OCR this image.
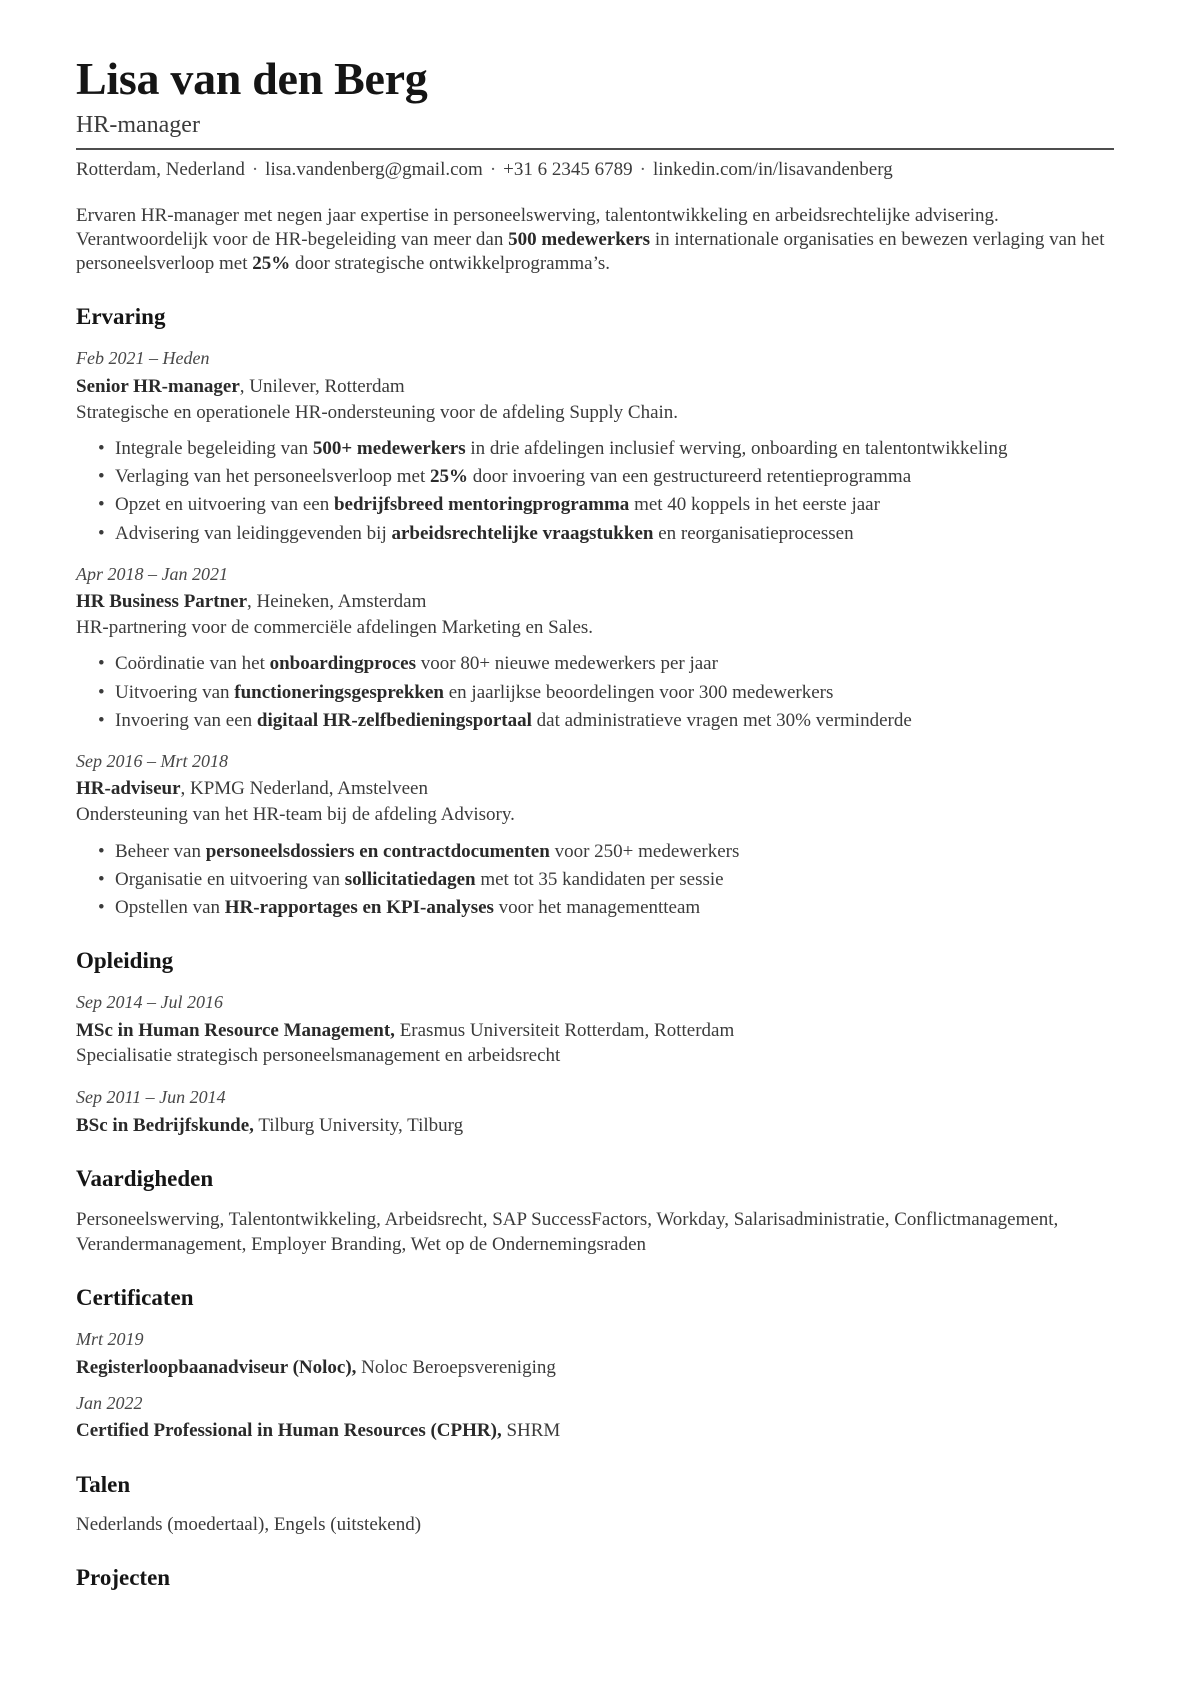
Lisa van den Berg

HR-manager

Rotterdam, Nederland · lisa.vandenberg@gmail.com · +31 6 2345 6789 · linkedin.com/in/lisavandenberg

Ervaren HR-manager met negen jaar expertise in personeelswerving, talentontwikkeling en arbeidsrechtelijke advisering. Verantwoordelijk voor de HR-begeleiding van meer dan 500 medewerkers in internationale organisaties en bewezen verlaging van het personeelsverloop met 25% door strategische ontwikkelprogramma’s.

Ervaring
Feb 2021 – Heden
Senior HR-manager, Unilever, Rotterdam
Strategische en operationele HR-ondersteuning voor de afdeling Supply Chain.
• Integrale begeleiding van 500+ medewerkers in drie afdelingen inclusief werving, onboarding en talentontwikkeling
• Verlaging van het personeelsverloop met 25% door invoering van een gestructureerd retentieprogramma
• Opzet en uitvoering van een bedrijfsbreed mentoringprogramma met 40 koppels in het eerste jaar
• Advisering van leidinggevenden bij arbeidsrechtelijke vraagstukken en reorganisatieprocessen
Apr 2018 – Jan 2021
HR Business Partner, Heineken, Amsterdam
HR-partnering voor de commerciële afdelingen Marketing en Sales.
• Coördinatie van het onboardingproces voor 80+ nieuwe medewerkers per jaar
• Uitvoering van functioneringsgesprekken en jaarlijkse beoordelingen voor 300 medewerkers
• Invoering van een digitaal HR-zelfbedieningsportaal dat administratieve vragen met 30% verminderde
Sep 2016 – Mrt 2018
HR-adviseur, KPMG Nederland, Amstelveen
Ondersteuning van het HR-team bij de afdeling Advisory.
• Beheer van personeelsdossiers en contractdocumenten voor 250+ medewerkers
• Organisatie en uitvoering van sollicitatiedagen met tot 35 kandidaten per sessie
• Opstellen van HR-rapportages en KPI-analyses voor het managementteam
Opleiding
Sep 2014 – Jul 2016
MSc in Human Resource Management, Erasmus Universiteit Rotterdam, Rotterdam
Specialisatie strategisch personeelsmanagement en arbeidsrecht
Sep 2011 – Jun 2014
BSc in Bedrijfskunde, Tilburg University, Tilburg
Vaardigheden

Personeelswerving, Talentontwikkeling, Arbeidsrecht, SAP SuccessFactors, Workday, Salarisadministratie, Conflictmanagement, Verandermanagement, Employer Branding, Wet op de Ondernemingsraden

Certificaten
Mrt 2019
Registerloopbaanadviseur (Noloc), Noloc Beroepsvereniging
Jan 2022
Certified Professional in Human Resources (CPHR), SHRM
Talen

Nederlands (moedertaal), Engels (uitstekend)

Projecten
